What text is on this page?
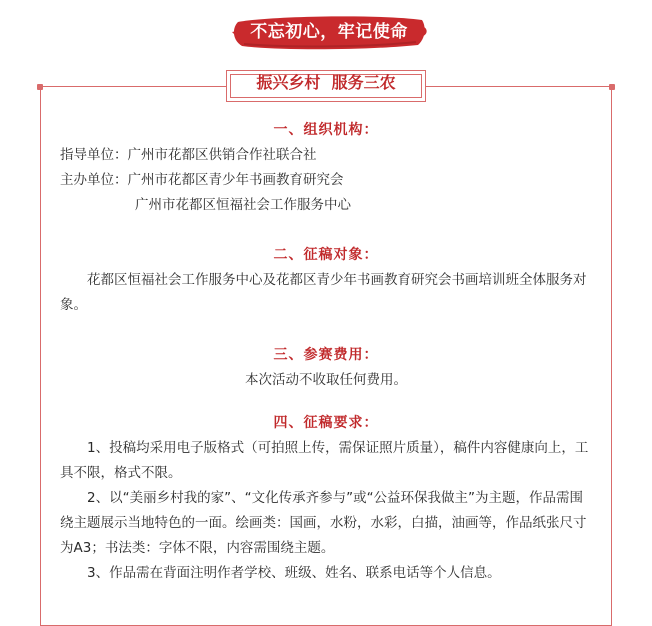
不忘初心，牢记使命
振兴乡村  服务三农
一、组织机构：

指导单位：广州市花都区供销合作社联合社

主办单位：广州市花都区青少年书画教育研究会

广州市花都区恒福社会工作服务中心

二、征稿对象：

花都区恒福社会工作服务中心及花都区青少年书画教育研究会书画培训班全体服务对象。

三、参赛费用：

本次活动不收取任何费用。

四、征稿要求：

1、投稿均采用电子版格式（可拍照上传，需保证照片质量），稿件内容健康向上，工具不限，格式不限。

2、以“美丽乡村我的家”、“文化传承齐参与”或“公益环保我做主”为主题，作品需围绕主题展示当地特色的一面。绘画类：国画，水粉，水彩，白描，油画等，作品纸张尺寸为A3；书法类：字体不限，内容需围绕主题。

3、作品需在背面注明作者学校、班级、姓名、联系电话等个人信息。
